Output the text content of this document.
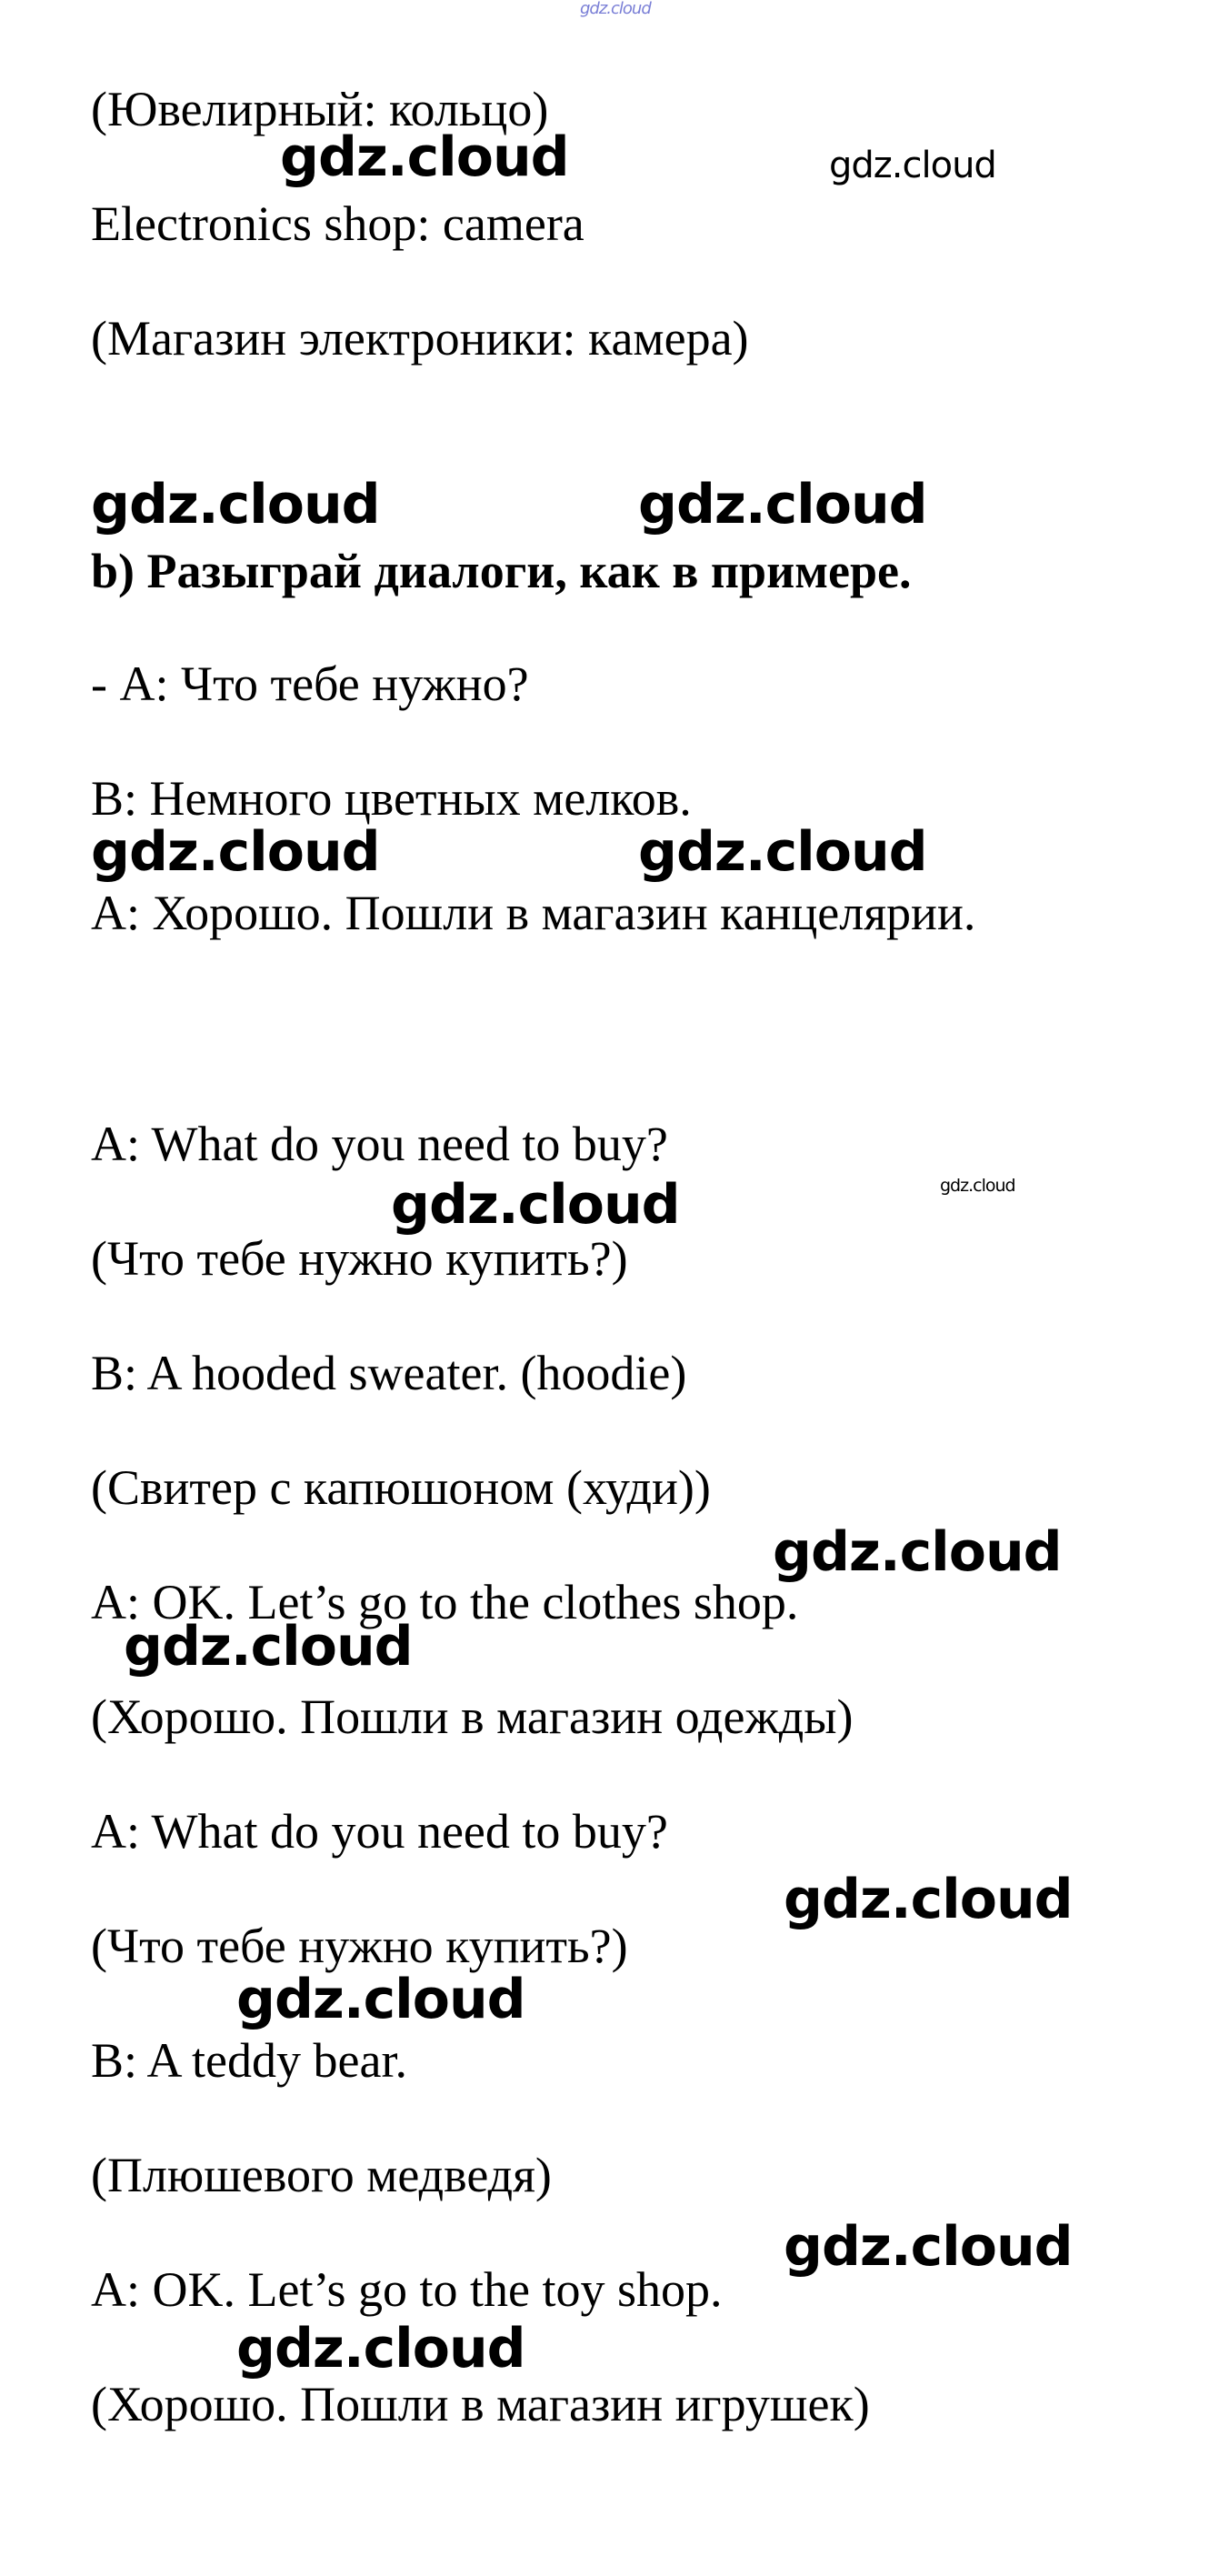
gdz.cloud
(Ювелирный: кольцо)
Electronics shop: camera
(Магазин электроники: камера)
b) Разыграй диалоги, как в примере.
- А: Что тебе нужно?
В: Немного цветных мелков.
А: Хорошо. Пошли в магазин канцелярии.
A: What do you need to buy?
(Что тебе нужно купить?)
B: A hooded sweater. (hoodie)
(Свитер с капюшоном (худи))
A: OK. Let’s go to the clothes shop.
(Хорошо. Пошли в магазин одежды)
A: What do you need to buy?
(Что тебе нужно купить?)
B: A teddy bear.
(Плюшевого медведя)
A: OK. Let’s go to the toy shop.
(Хорошо. Пошли в магазин игрушек)
gdz.cloud	gdz.cloud
gdz.cloud	gdz.cloud
gdz.cloud	gdz.cloud
gdz.cloud	gdz.cloud
gdz.cloud
gdz.cloud
gdz.cloud
gdz.cloud
gdz.cloud
gdz.cloud
